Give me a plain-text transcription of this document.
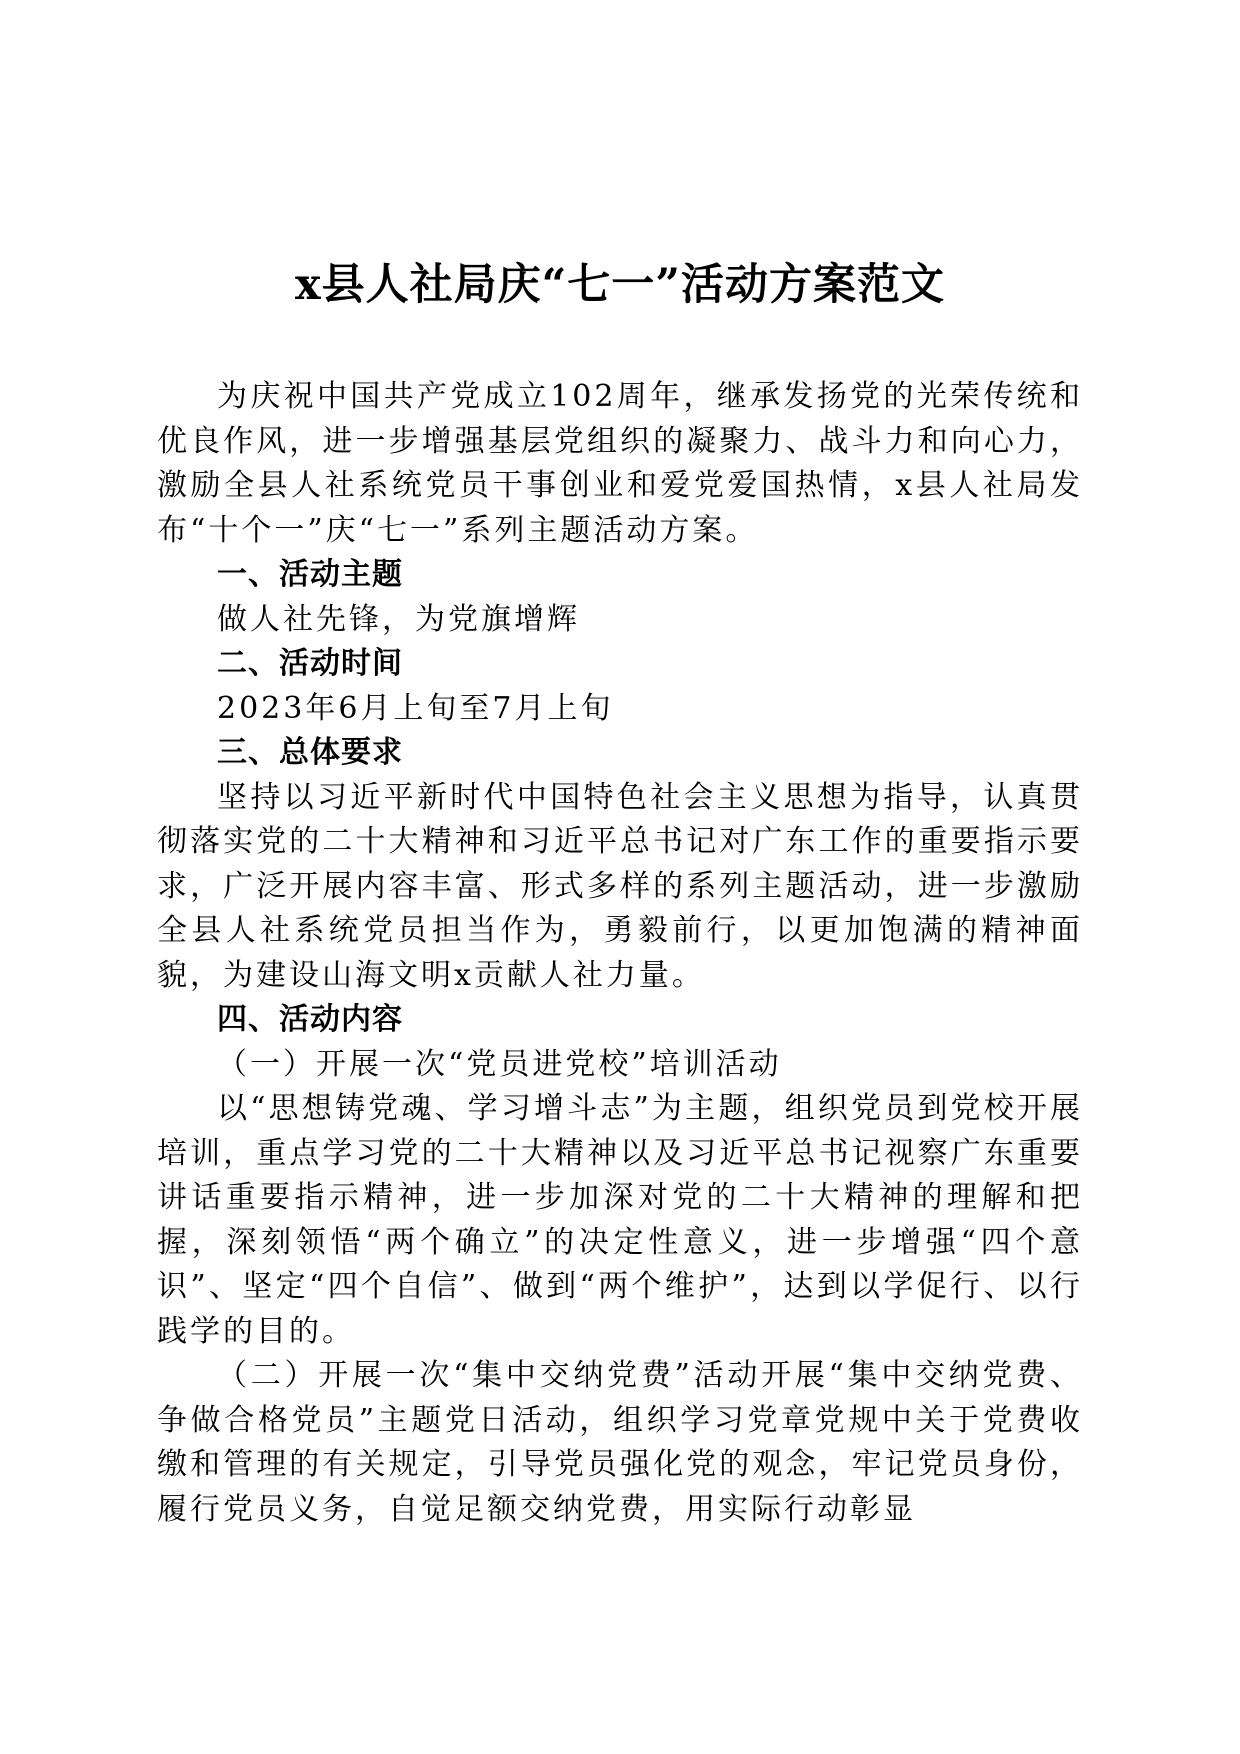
x县人社局庆“七一”活动方案范文

为庆祝中国共产党成立102周年，继承发扬党的光荣传统和优良作风，进一步增强基层党组织的凝聚力、战斗力和向心力，激励全县人社系统党员干事创业和爱党爱国热情，x县人社局发布“十个一”庆“七一”系列主题活动方案。

一、活动主题

做人社先锋，为党旗增辉

二、活动时间

2023年6月上旬至7月上旬

三、总体要求

坚持以习近平新时代中国特色社会主义思想为指导，认真贯彻落实党的二十大精神和习近平总书记对广东工作的重要指示要求，广泛开展内容丰富、形式多样的系列主题活动，进一步激励全县人社系统党员担当作为，勇毅前行，以更加饱满的精神面貌，为建设山海文明x贡献人社力量。

四、活动内容

（一）开展一次“党员进党校”培训活动

以“思想铸党魂、学习增斗志”为主题，组织党员到党校开展培训，重点学习党的二十大精神以及习近平总书记视察广东重要讲话重要指示精神，进一步加深对党的二十大精神的理解和把握，深刻领悟“两个确立”的决定性意义，进一步增强“四个意识”、坚定“四个自信”、做到“两个维护”，达到以学促行、以行践学的目的。

（二）开展一次“集中交纳党费”活动开展“集中交纳党费、争做合格党员”主题党日活动，组织学习党章党规中关于党费收缴和管理的有关规定，引导党员强化党的观念，牢记党员身份，履行党员义务，自觉足额交纳党费，用实际行动彰显
